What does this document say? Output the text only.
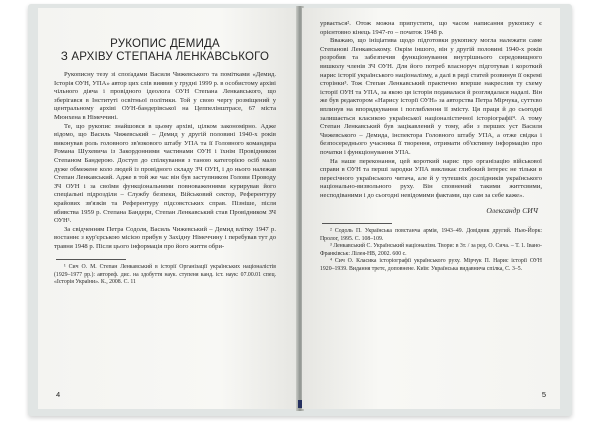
РУКОПИС ДЕМИДА
З АРХІВУ СТЕПАНА ЛЕНКАВСЬКОГО

Рукописну тезу зі споґадами Василя Чижевського та помітками «Демид. Історія ОУН, УПА» автор цих слів виявив у грудні 1999 р. в особистому архіві чільного діяча і провідного ідеолога ОУН Степана Ленкавського, що зберігався в Інституті освітньої політики. Той у свою чергу розміщений у центральному архіві ОУН-бандерівської на Цеппелінштрасе, 67 міста Мюнхена в Німеччині.

Те, що рукопис знайшовся в цьому архіві, цілком закономірно. Адже відомо, що Василь Чижевський – Демид у другій половині 1940-х років виконував роль головного зв'язкового штабу УПА та її Головного командира Романа Шухевича із Закордонними частинами ОУН і їхнім Провідником Степаном Бандерою. Доступ до спілкування з таною категорією осіб мало дуже обмежене коло людей із провідного складу ЗЧ ОУН, і до нього належав Степан Ленкавський. Адже в той же час він був заступником Голови Проводу ЗЧ ОУН і за своїми функціональними повноваженнями курирував його спеціальні підрозділи – Службу безпеки, Військовий сектор, Референтуру крайових зв'язків та Референтуру підсовєтських справ. Пізніше, після вбивства 1959 р. Степана Бандери, Степан Ленкавський став Провідником ЗЧ ОУН¹.

За свідченням Петра Содоля, Василь Чижевський – Демид влітку 1947 р. востаннє з кур'єрською місією прибув у Західну Німеччину і перебував тут до травня 1948 р. Після цього інформація про його життя обри-

¹ Сич О. М. Степан Ленкавський в історії Організації українських націоналістів (1929–1977 рр.): автореф. дис. на здобуття наук. ступеня канд. іст. наук: 07.00.01 спец. «Історія України». К., 2008. С. 11

4

урвається². Отож можна припустити, що часом написання рукопису є орієнтовно кінець 1947-го – початок 1948 р.

Вважаю, що ініціатива щодо підготовки рукопису могла належати саме Степанові Ленкавському. Окрім іншого, він у другій половині 1940-х років розробив та забезпечив функціонування внутрішнього середовищного вишколу членів ЗЧ ОУН. Для його потреб власноруч підготував і короткий нарис історії українського націоналізму, а далі в рядi статей розвинув її окремі сторінки³. Тож Степан Ленкавський практично вперше накреслив ту схему історії ОУН та УПА, за якою ця історія подавалася й розглядалася надалі. Він же був редактором «Нарису історії ОУН» за авторства Петра Мірчука, суттєво вплинув на впорядкування і поглиблення її змісту. Ця праця й до сьогодні залишається класикою української націоналістичної історіографії⁴. А тому Степан Ленкавський був зацікавлений у тому, аби з перших уст Василя Чижевського – Демида, інспектора Головного штабу УПА, а отже свідка і безпосереднього учасника її творення, отримати об'єктивну інформацію про початки і функціонування УПА.

На наше переконання, цей короткий нарис про організацію військової справи в ОУН та перші зародки УПА викликає глибокий інтерес не тільки в пересічного українського читача, але й у тутешніх дослідників українського національно-визвольного руху. Він сповнений такими життєвими, несподіваними і до сьогодні невідомими фактами, що сам за себе каже».

Олександр СИЧ

² Содоль П. Українська повстанча армія, 1943–49. Довідник другий. Нью-Йорк: Пролог, 1995. С. 108–109.

³ Ленкавський С. Український націоналізм. Твори: в 3т. / за ред. О. Сича. – Т. 1. Івано-Франківськ: Лілея-НВ, 2002. 600 с.

⁴ Сич О. Класика історіографії українського руху. Мірчук П. Нарис історії ОУН 1920–1939. Видання третє, доповнене. Київ: Українська видавнича спілка, С. 3–5.

5
